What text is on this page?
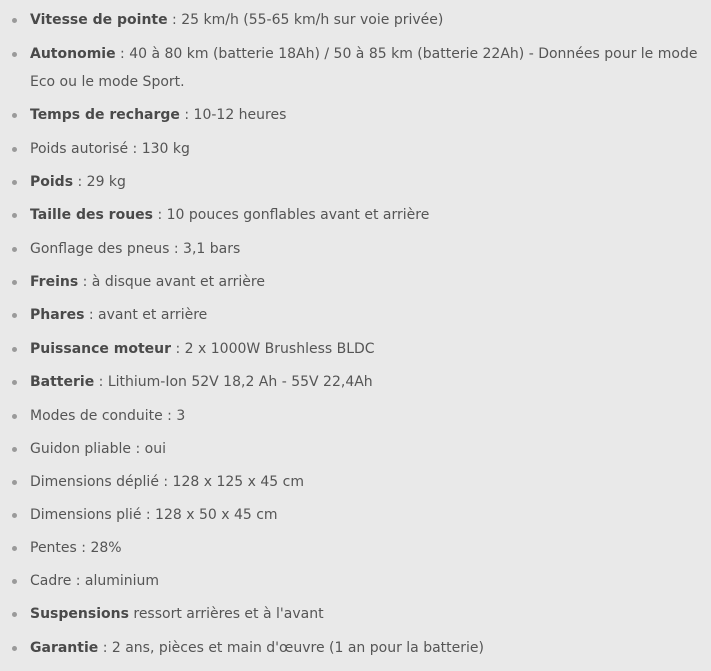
Vitesse de pointe : 25 km/h (55-65 km/h sur voie privée)
Autonomie : 40 à 80 km (batterie 18Ah) / 50 à 85 km (batterie 22Ah) - Données pour le mode Eco ou le mode Sport.
Temps de recharge : 10-12 heures
Poids autorisé : 130 kg
Poids : 29 kg
Taille des roues : 10 pouces gonflables avant et arrière
Gonflage des pneus : 3,1 bars
Freins : à disque avant et arrière
Phares : avant et arrière
Puissance moteur : 2 x 1000W Brushless BLDC
Batterie : Lithium-Ion 52V 18,2 Ah - 55V 22,4Ah
Modes de conduite : 3
Guidon pliable : oui
Dimensions déplié : 128 x 125 x 45 cm
Dimensions plié : 128 x 50 x 45 cm
Pentes : 28%
Cadre : aluminium
Suspensions ressort arrières et à l'avant
Garantie : 2 ans, pièces et main d'œuvre (1 an pour la batterie)
